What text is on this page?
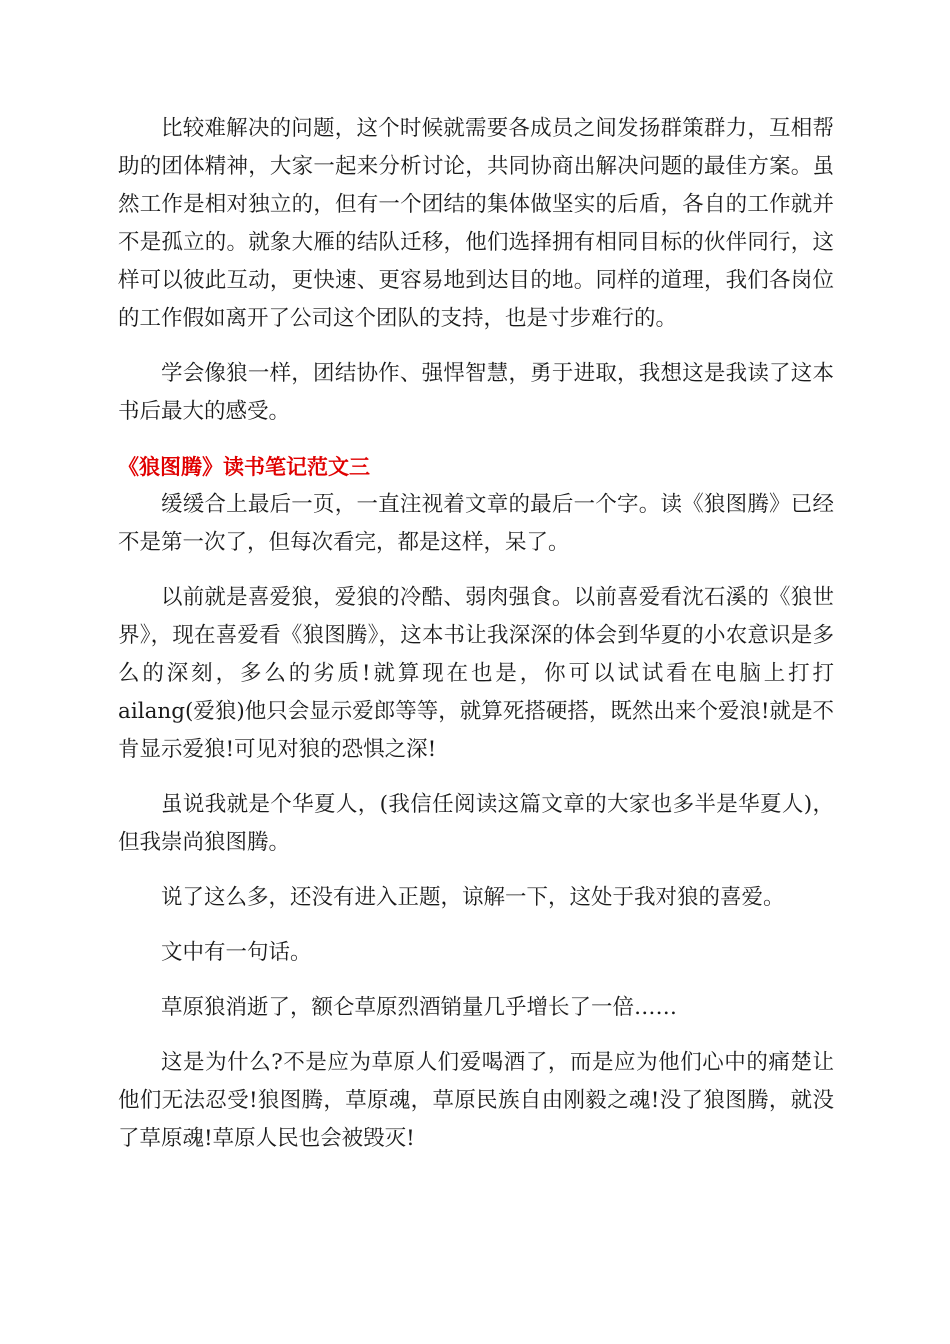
比较难解决的问题，这个时候就需要各成员之间发扬群策群力，互相帮助的团体精神，大家一起来分析讨论，共同协商出解决问题的最佳方案。虽然工作是相对独立的，但有一个团结的集体做坚实的后盾，各自的工作就并不是孤立的。就象大雁的结队迁移，他们选择拥有相同目标的伙伴同行，这样可以彼此互动，更快速、更容易地到达目的地。同样的道理，我们各岗位的工作假如离开了公司这个团队的支持，也是寸步难行的。

学会像狼一样，团结协作、强悍智慧，勇于进取，我想这是我读了这本书后最大的感受。

《狼图腾》读书笔记范文三

缓缓合上最后一页，一直注视着文章的最后一个字。读《狼图腾》已经不是第一次了，但每次看完，都是这样，呆了。

以前就是喜爱狼，爱狼的冷酷、弱肉强食。以前喜爱看沈石溪的《狼世界》，现在喜爱看《狼图腾》，这本书让我深深的体会到华夏的小农意识是多么的深刻，多么的劣质!就算现在也是，你可以试试看在电脑上打打ailang(爱狼)他只会显示爱郎等等，就算死搭硬搭，既然出来个爱浪!就是不肯显示爱狼!可见对狼的恐惧之深!

虽说我就是个华夏人，(我信任阅读这篇文章的大家也多半是华夏人)，但我崇尚狼图腾。

说了这么多，还没有进入正题，谅解一下，这处于我对狼的喜爱。

文中有一句话。

草原狼消逝了，额仑草原烈酒销量几乎增长了一倍……

这是为什么?不是应为草原人们爱喝酒了，而是应为他们心中的痛楚让他们无法忍受!狼图腾，草原魂，草原民族自由刚毅之魂!没了狼图腾，就没了草原魂!草原人民也会被毁灭!
